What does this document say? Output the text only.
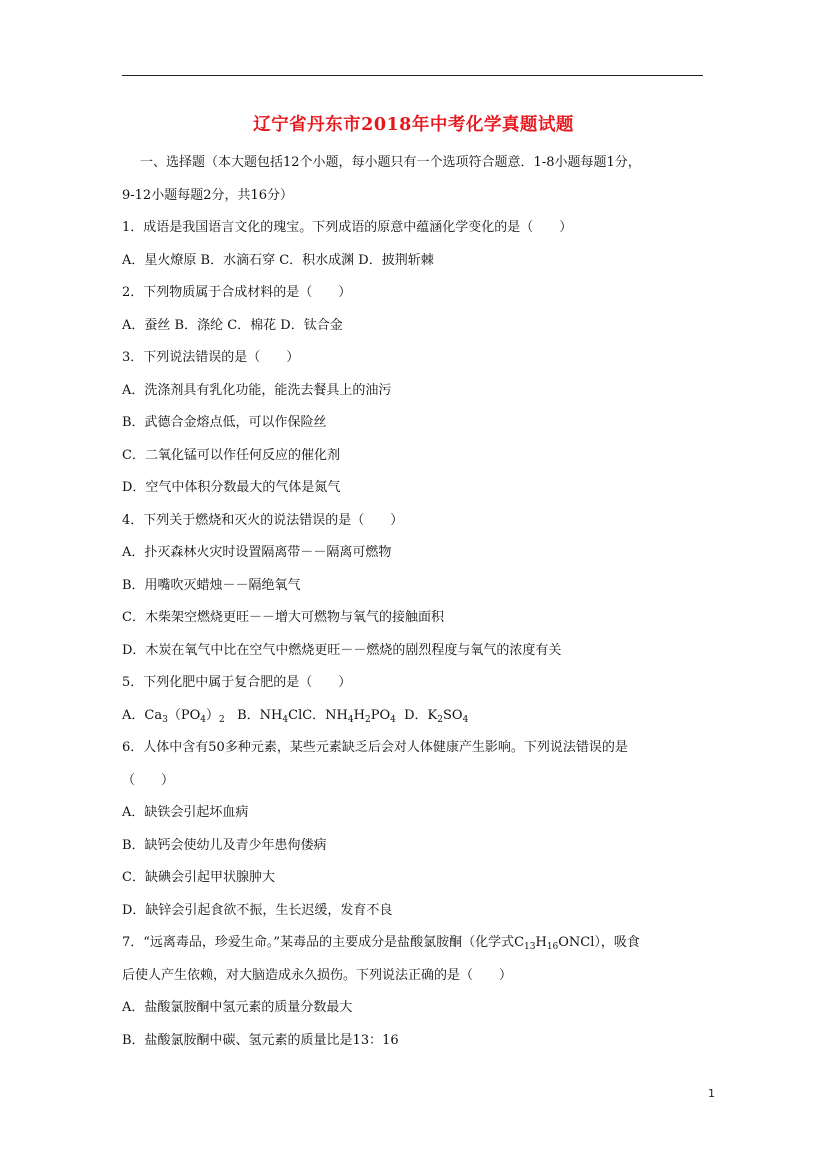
辽宁省丹东市2018年中考化学真题试题
一、选择题（本大题包括12个小题，每小题只有一个选项符合题意．1-8小题每题1分，
9-12小题每题2分，共16分）
1．成语是我国语言文化的瑰宝。下列成语的原意中蕴涵化学变化的是（　　）
A．星火燎原 B．水滴石穿 C．积水成渊 D．披荆斩棘
2．下列物质属于合成材料的是（　　）
A．蚕丝 B．涤纶 C．棉花 D．钛合金
3．下列说法错误的是（　　）
A．洗涤剂具有乳化功能，能洗去餐具上的油污
B．武德合金熔点低，可以作保险丝
C．二氧化锰可以作任何反应的催化剂
D．空气中体积分数最大的气体是氮气
4．下列关于燃烧和灭火的说法错误的是（　　）
A．扑灭森林火灾时设置隔离带－－隔离可燃物
B．用嘴吹灭蜡烛－－隔绝氧气
C．木柴架空燃烧更旺－－增大可燃物与氧气的接触面积
D．木炭在氧气中比在空气中燃烧更旺－－燃烧的剧烈程度与氧气的浓度有关
5．下列化肥中属于复合肥的是（　　）
A．$Ca_3(PO_4)_2$ B．$NH_4ClC$．$NH_4H_2PO_4$ D．$K_2SO_4$
6．人体中含有50多种元素，某些元素缺乏后会对人体健康产生影响。下列说法错误的是
（　　）
A．缺铁会引起坏血病
B．缺钙会使幼儿及青少年患佝偻病
C．缺碘会引起甲状腺肿大
D．缺锌会引起食欲不振，生长迟缓，发育不良
7．“远离毒品，珍爱生命。”某毒品的主要成分是盐酸氯胺酮（化学式$C_{13}H_{16}ONCl$），吸食
后使人产生依赖，对大脑造成永久损伤。下列说法正确的是（　　）
A．盐酸氯胺酮中氢元素的质量分数最大
B．盐酸氯胺酮中碳、氢元素的质量比是13：16
1
